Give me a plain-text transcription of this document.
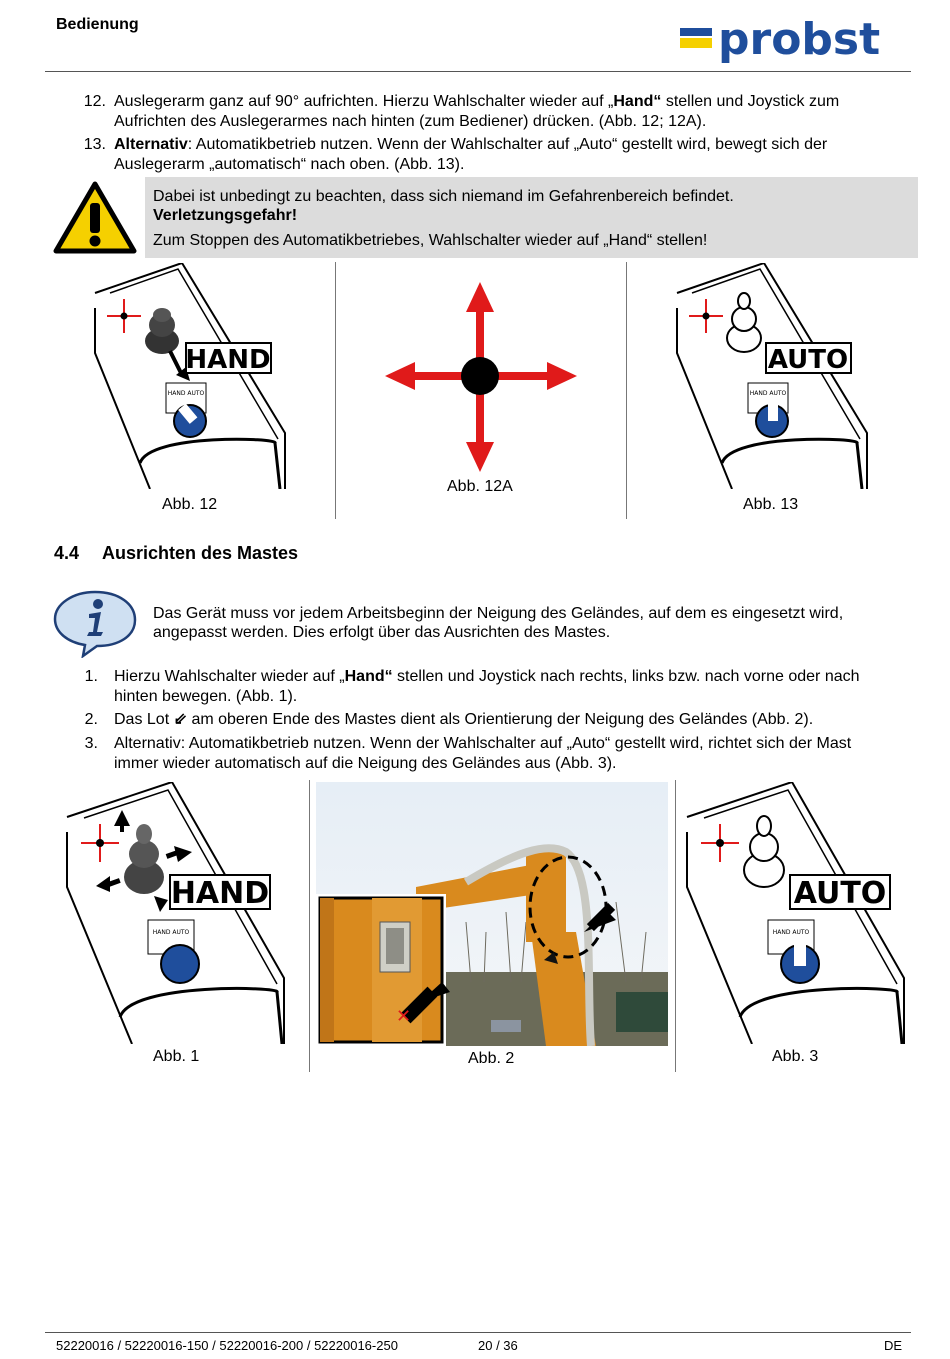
Bedienung	probst
12. Auslegerarm ganz auf 90° aufrichten. Hierzu Wahlschalter wieder auf „Hand“ stellen und Joystick zum
Aufrichten des Auslegerarmes nach hinten (zum Bediener) drücken. (Abb. 12; 12A).
13. Alternativ: Automatikbetrieb nutzen. Wenn der Wahlschalter auf „Auto“ gestellt wird, bewegt sich der
Auslegerarm „automatisch“ nach oben. (Abb. 13).
Dabei ist unbedingt zu beachten, dass sich niemand im Gefahrenbereich befindet.
Verletzungsgefahr!
Zum Stoppen des Automatikbetriebes, Wahlschalter wieder auf „Hand“ stellen!
HAND
HAND AUTO
Abb. 12
Abb. 12A
AUTO
HAND AUTO
Abb. 13
4.4 Ausrichten des Mastes
Das Gerät muss vor jedem Arbeitsbeginn der Neigung des Geländes, auf dem es eingesetzt wird,
angepasst werden. Dies erfolgt über das Ausrichten des Mastes.
1. Hierzu Wahlschalter wieder auf „Hand“ stellen und Joystick nach rechts, links bzw. nach vorne oder nach
hinten bewegen. (Abb. 1).
2. Das Lot ⇙ am oberen Ende des Mastes dient als Orientierung der Neigung des Geländes (Abb. 2).
3. Alternativ: Automatikbetrieb nutzen. Wenn der Wahlschalter auf „Auto“ gestellt wird, richtet sich der Mast
immer wieder automatisch auf die Neigung des Geländes aus (Abb. 3).
HAND
HAND AUTO
Abb. 1
✕
Abb. 2
AUTO
HAND AUTO
Abb. 3
52220016 / 52220016-150 / 52220016-200 / 52220016-250	20 / 36	DE
